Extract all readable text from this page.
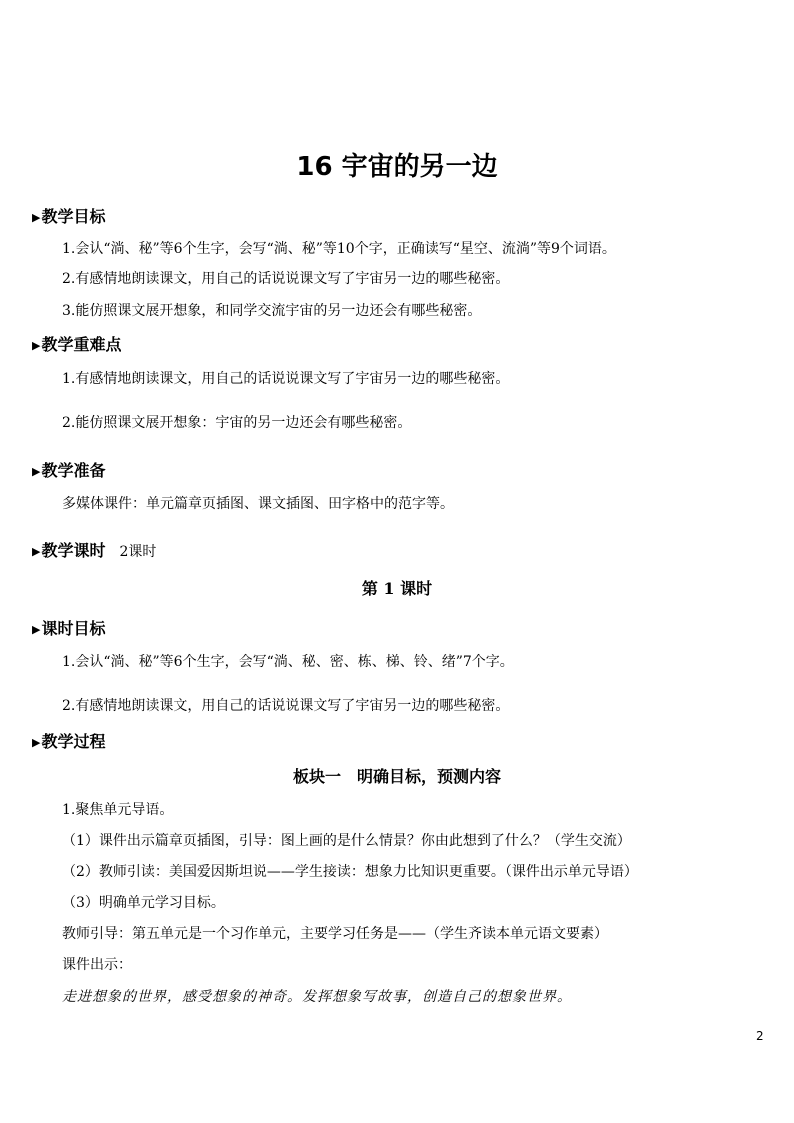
16 宇宙的另一边
▶教学目标
1.会认“淌、秘”等6个生字，会写“淌、秘”等10个字，正确读写“星空、流淌”等9个词语。
2.有感情地朗读课文，用自己的话说说课文写了宇宙另一边的哪些秘密。
3.能仿照课文展开想象，和同学交流宇宙的另一边还会有哪些秘密。
▶教学重难点
1.有感情地朗读课文，用自己的话说说课文写了宇宙另一边的哪些秘密。
2.能仿照课文展开想象：宇宙的另一边还会有哪些秘密。
▶教学准备
多媒体课件：单元篇章页插图、课文插图、田字格中的范字等。
▶教学课时 2课时
第 1 课时
▶课时目标
1.会认“淌、秘”等6个生字，会写“淌、秘、密、栋、梯、铃、绪”7个字。
2.有感情地朗读课文，用自己的话说说课文写了宇宙另一边的哪些秘密。
▶教学过程
板块一　明确目标，预测内容
1.聚焦单元导语。
（1）课件出示篇章页插图，引导：图上画的是什么情景？你由此想到了什么？（学生交流）
（2）教师引读：美国爱因斯坦说——学生接读：想象力比知识更重要。（课件出示单元导语）
（3）明确单元学习目标。
教师引导：第五单元是一个习作单元，主要学习任务是——（学生齐读本单元语文要素）
课件出示：
走进想象的世界，感受想象的神奇。发挥想象写故事，创造自己的想象世界。
2
